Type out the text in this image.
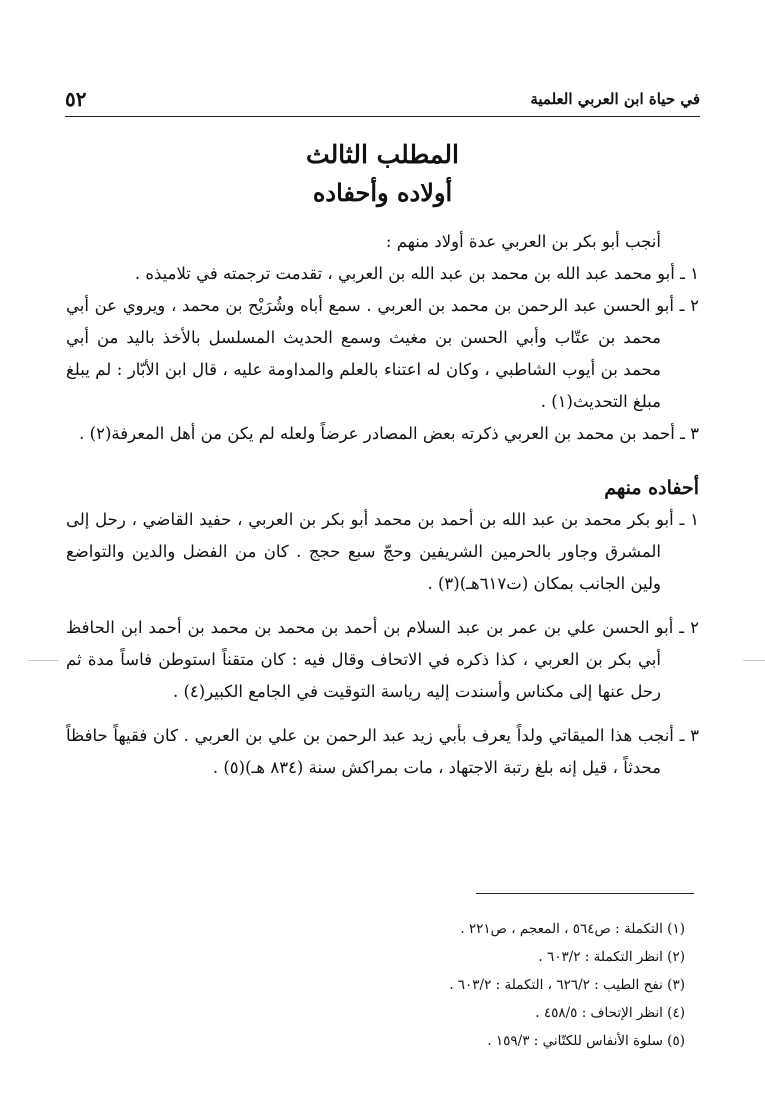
في حياة ابن العربي العلمية
٥٢
المطلب الثالث
أولاده وأحفاده

أنجب أبو بكر بن العربي عدة أولاد منهم :

١ ـ أبو محمد عبد الله بن محمد بن عبد الله بن العربي ، تقدمت ترجمته في تلاميذه .

٢ ـ أبو الحسن عبد الرحمن بن محمد بن العربي . سمع أباه وشُرَيْح بن محمد ، ويروي عن أبي محمد بن عتّاب وأبي الحسن بن مغيث وسمع الحديث المسلسل بالأخذ باليد من أبي محمد بن أيوب الشاطبي ، وكان له اعتناء بالعلم والمداومة عليه ، قال ابن الأبّار : لم يبلغ مبلغ التحديث(١) .

٣ ـ أحمد بن محمد بن العربي ذكرته بعض المصادر عرضاً ولعله لم يكن من أهل المعرفة(٢) .

أحفاده منهم

١ ـ أبو بكر محمد بن عبد الله بن أحمد بن محمد أبو بكر بن العربي ، حفيد القاضي ، رحل إلى المشرق وجاور بالحرمين الشريفين وحجّ سبع حجج . كان من الفضل والدين والتواضع ولين الجانب بمكان (ت٦١٧هـ)(٣) .

٢ ـ أبو الحسن علي بن عمر بن عبد السلام بن أحمد بن محمد بن محمد بن أحمد ابن الحافظ أبي بكر بن العربي ، كذا ذكره في الاتحاف وقال فيه : كان متقناً استوطن فاساً مدة ثم رحل عنها إلى مكناس وأسندت إليه رياسة التوقيت في الجامع الكبير(٤) .

٣ ـ أنجب هذا الميقاتي ولداً يعرف بأبي زيد عبد الرحمن بن علي بن العربي . كان فقيهاً حافظاً محدثاً ، قيل إنه بلغ رتبة الاجتهاد ، مات بمراكش سنة (٨٣٤ هـ)(٥) .

(١) التكملة : ص٥٦٤ ، المعجم ، ص٢٢١ .

(٢) انظر التكملة : ٦٠٣/٢ .

(٣) نفح الطيب : ٦٢٦/٢ ، التكملة : ٦٠٣/٢ .

(٤) انظر الإتحاف : ٤٥٨/٥ .

(٥) سلوة الأنفاس للكتّاني : ١٥٩/٣ .
